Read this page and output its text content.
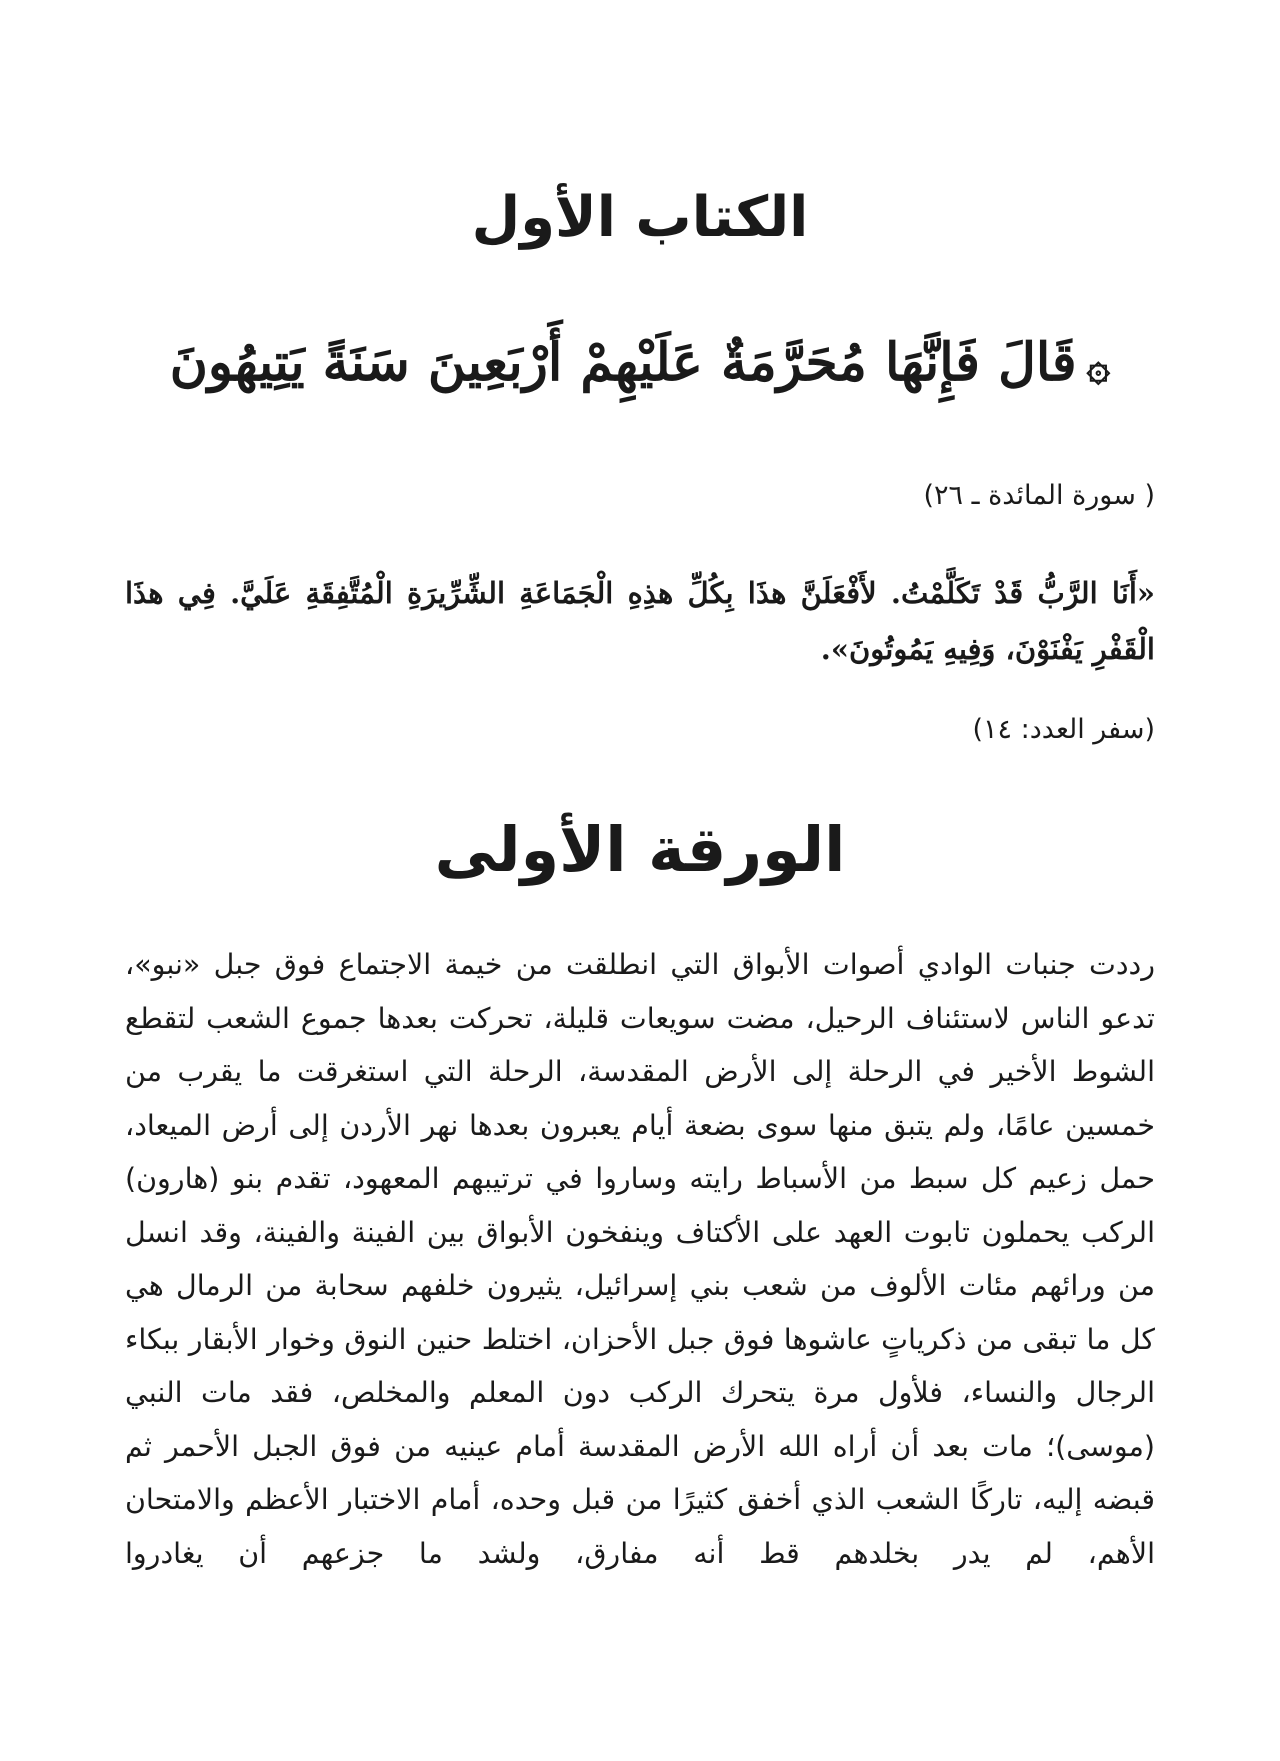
الكتاب الأول
۞قَالَ فَإِنَّهَا مُحَرَّمَةٌ عَلَيْهِمْ أَرْبَعِينَ سَنَةً يَتِيهُونَ

( سورة المائدة ـ ٢٦)

«أَنَا الرَّبُّ قَدْ تَكَلَّمْتُ. لأَفْعَلَنَّ هذَا بِكُلِّ هذِهِ الْجَمَاعَةِ الشِّرِّيرَةِ الْمُتَّفِقَةِ عَلَيَّ. فِي هذَا الْقَفْرِ يَفْنَوْنَ، وَفِيهِ يَمُوتُونَ».

(سفر العدد: ١٤)

الورقة الأولى

رددت جنبات الوادي أصوات الأبواق التي انطلقت من خيمة الاجتماع فوق جبل «نبو»، تدعو الناس لاستئناف الرحيل، مضت سويعات قليلة، تحركت بعدها جموع الشعب لتقطع الشوط الأخير في الرحلة إلى الأرض المقدسة، الرحلة التي استغرقت ما يقرب من خمسين عامًا، ولم يتبق منها سوى بضعة أيام يعبرون بعدها نهر الأردن إلى أرض الميعاد، حمل زعيم كل سبط من الأسباط رايته وساروا في ترتيبهم المعهود، تقدم بنو (هارون) الركب يحملون تابوت العهد على الأكتاف وينفخون الأبواق بين الفينة والفينة، وقد انسل من ورائهم مئات الألوف من شعب بني إسرائيل، يثيرون خلفهم سحابة من الرمال هي كل ما تبقى من ذكرياتٍ عاشوها فوق جبل الأحزان، اختلط حنين النوق وخوار الأبقار ببكاء الرجال والنساء، فلأول مرة يتحرك الركب دون المعلم والمخلص، فقد مات النبي (موسى)؛ مات بعد أن أراه الله الأرض المقدسة أمام عينيه من فوق الجبل الأحمر ثم قبضه إليه، تاركًا الشعب الذي أخفق كثيرًا من قبل وحده، أمام الاختبار الأعظم والامتحان الأهم، لم يدر بخلدهم قط أنه مفارق، ولشد ما جزعهم أن يغادروا
